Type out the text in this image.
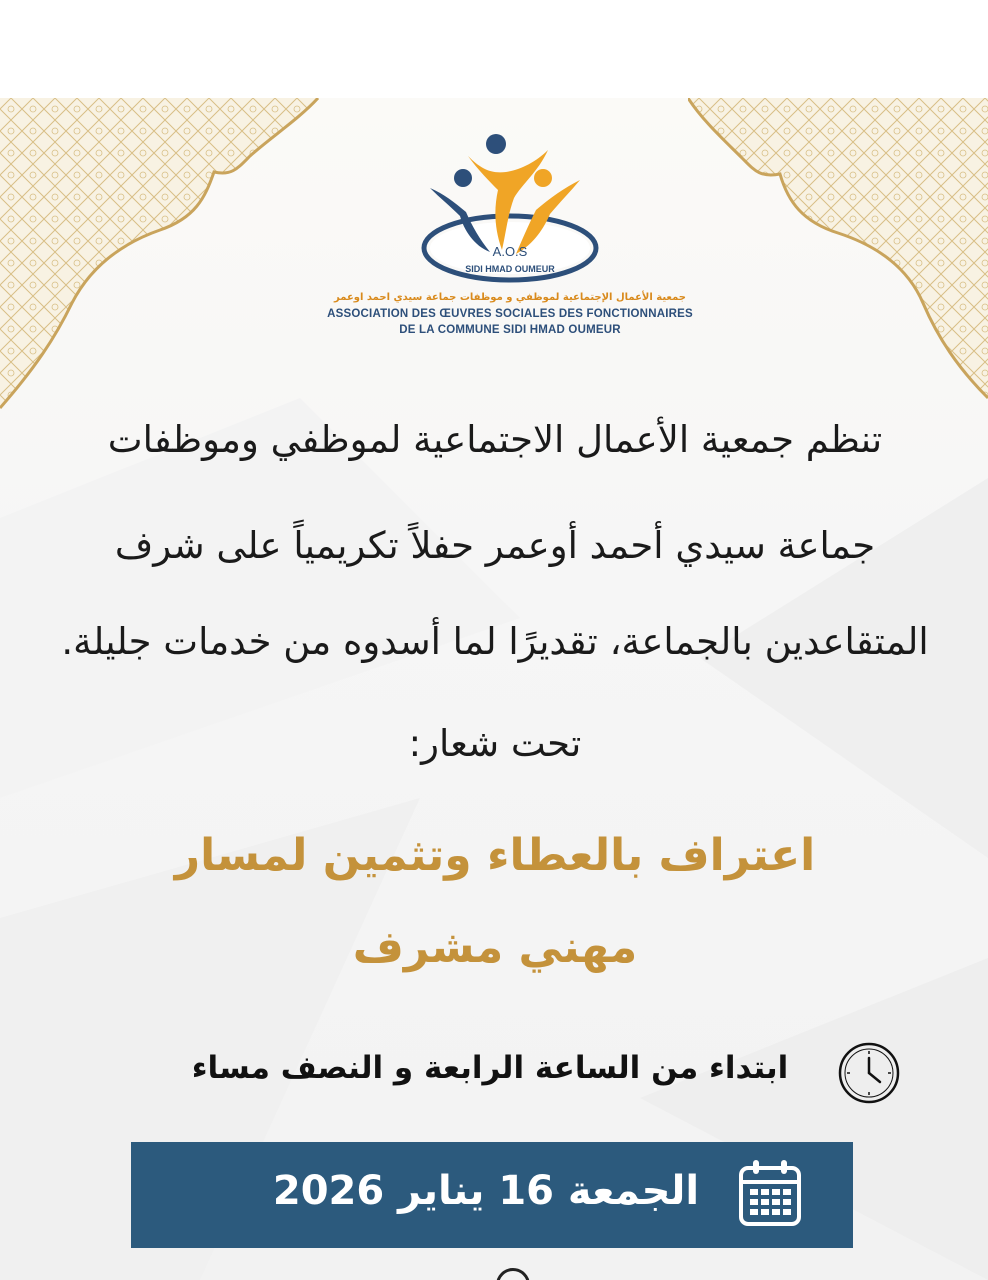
A.O.S
SIDI HMAD OUMEUR
جمعية الأعمال الإجتماعية لموظفي و موظفات جماعة سيدي احمد اوعمر
ASSOCIATION DES ŒUVRES SOCIALES DES FONCTIONNAIRES
DE LA COMMUNE SIDI HMAD OUMEUR
تنظم جمعية الأعمال الاجتماعية لموظفي وموظفات
جماعة سيدي أحمد أوعمر حفلاً تكريمياً على شرف
المتقاعدين بالجماعة، تقديرًا لما أسدوه من خدمات جليلة.
تحت شعار:
اعتراف بالعطاء وتثمين لمسار
مهني مشرف
ابتداء من الساعة الرابعة و النصف مساء
الجمعة 16 يناير 2026
